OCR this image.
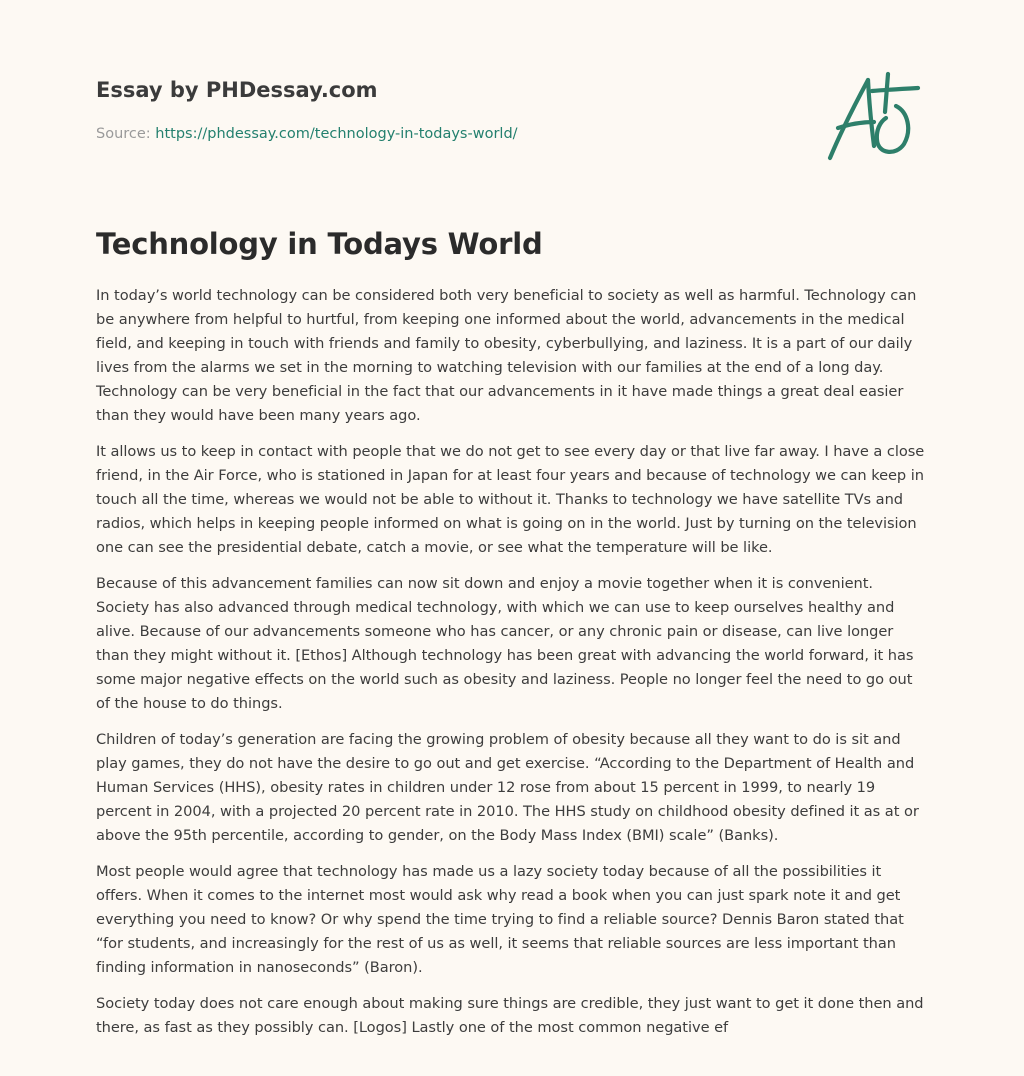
Essay by PHDessay.com
Source: https://phdessay.com/technology-in-todays-world/
Technology in Todays World

In today’s world technology can be considered both very beneficial to society as well as harmful. Technology can be anywhere from helpful to hurtful, from keeping one informed about the world, advancements in the medical field, and keeping in touch with friends and family to obesity, cyberbullying, and laziness. It is a part of our daily lives from the alarms we set in the morning to watching television with our families at the end of a long day. Technology can be very beneficial in the fact that our advancements in it have made things a great deal easier than they would have been many years ago.

It allows us to keep in contact with people that we do not get to see every day or that live far away. I have a close friend, in the Air Force, who is stationed in Japan for at least four years and because of technology we can keep in touch all the time, whereas we would not be able to without it. Thanks to technology we have satellite TVs and radios, which helps in keeping people informed on what is going on in the world. Just by turning on the television one can see the presidential debate, catch a movie, or see what the temperature will be like.

Because of this advancement families can now sit down and enjoy a movie together when it is convenient. Society has also advanced through medical technology, with which we can use to keep ourselves healthy and alive. Because of our advancements someone who has cancer, or any chronic pain or disease, can live longer than they might without it. [Ethos] Although technology has been great with advancing the world forward, it has some major negative effects on the world such as obesity and laziness. People no longer feel the need to go out of the house to do things.

Children of today’s generation are facing the growing problem of obesity because all they want to do is sit and play games, they do not have the desire to go out and get exercise. “According to the Department of Health and Human Services (HHS), obesity rates in children under 12 rose from about 15 percent in 1999, to nearly 19 percent in 2004, with a projected 20 percent rate in 2010. The HHS study on childhood obesity defined it as at or above the 95th percentile, according to gender, on the Body Mass Index (BMI) scale” (Banks).

Most people would agree that technology has made us a lazy society today because of all the possibilities it offers. When it comes to the internet most would ask why read a book when you can just spark note it and get everything you need to know? Or why spend the time trying to find a reliable source? Dennis Baron stated that “for students, and increasingly for the rest of us as well, it seems that reliable sources are less important than finding information in nanoseconds” (Baron).

Society today does not care enough about making sure things are credible, they just want to get it done then and there, as fast as they possibly can. [Logos] Lastly one of the most common negative ef
